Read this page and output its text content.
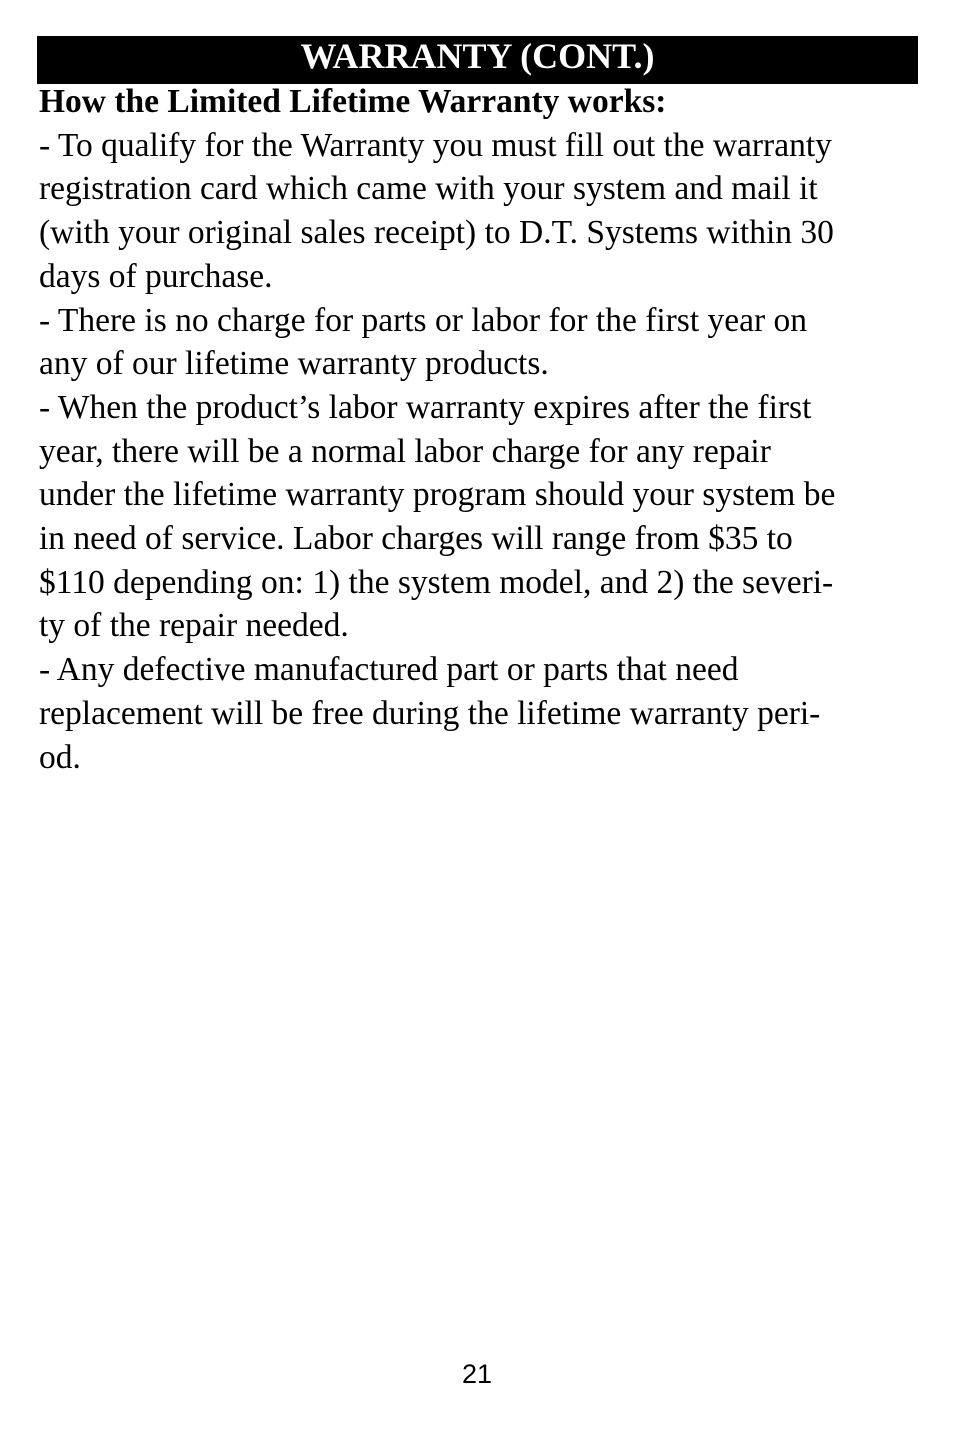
WARRANTY (CONT.)

How the Limited Lifetime Warranty works:

- To qualify for the Warranty you must fill out the warranty
registration card which came with your system and mail it
(with your original sales receipt) to D.T. Systems within 30
days of purchase.

- There is no charge for parts or labor for the first year on
any of our lifetime warranty products.

- When the product’s labor warranty expires after the first
year, there will be a normal labor charge for any repair
under the lifetime warranty program should your system be
in need of service. Labor charges will range from $35 to
$110 depending on: 1) the system model, and 2) the severi-
ty of the repair needed.

- Any defective manufactured part or parts that need
replacement will be free during the lifetime warranty peri-
od.

21
